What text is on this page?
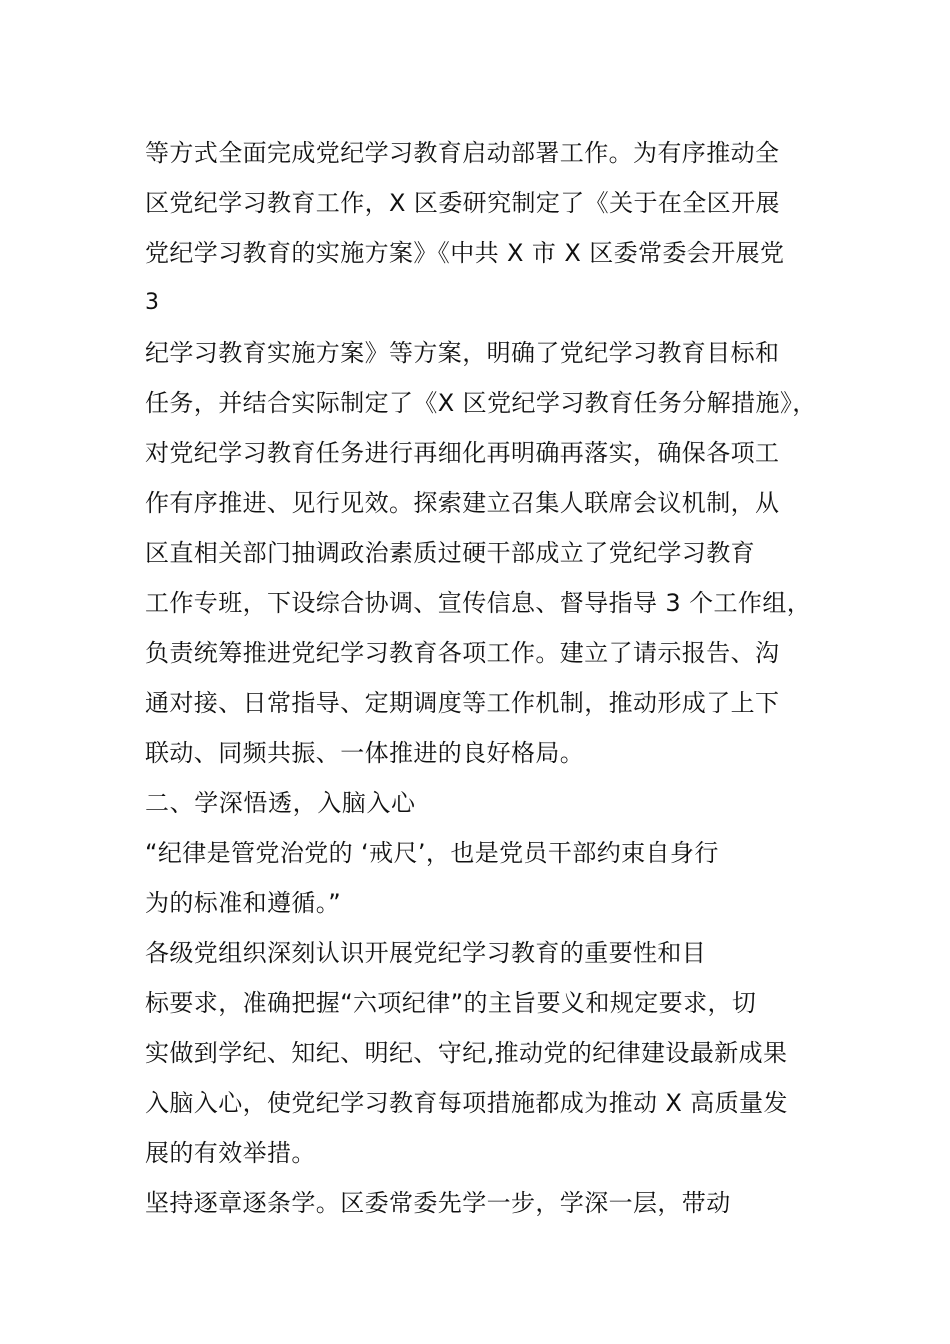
等方式全面完成党纪学习教育启动部署工作。为有序推动全
区党纪学习教育工作，X 区委研究制定了《关于在全区开展
党纪学习教育的实施方案》《中共 X 市 X 区委常委会开展党
3
纪学习教育实施方案》等方案，明确了党纪学习教育目标和
任务，并结合实际制定了《X 区党纪学习教育任务分解措施》，
对党纪学习教育任务进行再细化再明确再落实，确保各项工
作有序推进、见行见效。探索建立召集人联席会议机制，从
区直相关部门抽调政治素质过硬干部成立了党纪学习教育
工作专班，下设综合协调、宣传信息、督导指导 3 个工作组，
负责统筹推进党纪学习教育各项工作。建立了请示报告、沟
通对接、日常指导、定期调度等工作机制，推动形成了上下
联动、同频共振、一体推进的良好格局。
二、学深悟透，入脑入心
“纪律是管党治党的 ‘戒尺’，也是党员干部约束自身行
为的标准和遵循。”
各级党组织深刻认识开展党纪学习教育的重要性和目
标要求，准确把握“六项纪律”的主旨要义和规定要求，切
实做到学纪、知纪、明纪、守纪,推动党的纪律建设最新成果
入脑入心，使党纪学习教育每项措施都成为推动 X 高质量发
展的有效举措。
坚持逐章逐条学。区委常委先学一步，学深一层，带动
